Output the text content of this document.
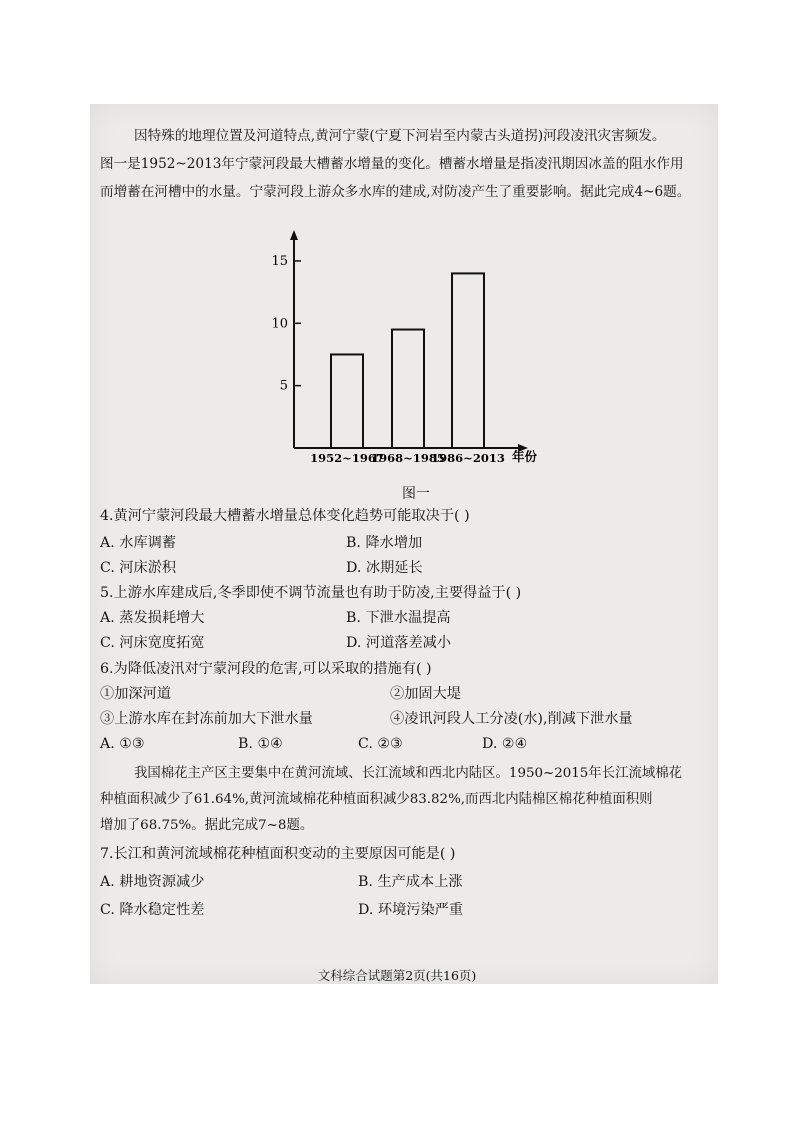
因特殊的地理位置及河道特点,黄河宁蒙(宁夏下河岩至内蒙古头道拐)河段凌汛灾害频发。
图一是1952~2013年宁蒙河段最大槽蓄水增量的变化。槽蓄水增量是指凌汛期因冰盖的阻水作用
而增蓄在河槽中的水量。宁蒙河段上游众多水库的建成,对防凌产生了重要影响。据此完成4~6题。
5
10
15
1952~1967
1968~1985
1986~2013 年份
图一
4.黄河宁蒙河段最大槽蓄水增量总体变化趋势可能取决于( )
A. 水库调蓄	B. 降水增加
C. 河床淤积	D. 冰期延长
5.上游水库建成后,冬季即使不调节流量也有助于防凌,主要得益于( )
A. 蒸发损耗增大	B. 下泄水温提高
C. 河床宽度拓宽	D. 河道落差减小
6.为降低凌汛对宁蒙河段的危害,可以采取的措施有( )
①加深河道	②加固大堤
③上游水库在封冻前加大下泄水量	④凌讯河段人工分凌(水),削减下泄水量
A. ①③	B. ①④	C. ②③	D. ②④
我国棉花主产区主要集中在黄河流域、长江流域和西北内陆区。1950~2015年长江流域棉花
种植面积减少了61.64%,黄河流域棉花种植面积减少83.82%,而西北内陆棉区棉花种植面积则
增加了68.75%。据此完成7~8题。
7.长江和黄河流域棉花种植面积变动的主要原因可能是( )
A. 耕地资源减少	B. 生产成本上涨
C. 降水稳定性差	D. 环境污染严重
文科综合试题第2页(共16页)
